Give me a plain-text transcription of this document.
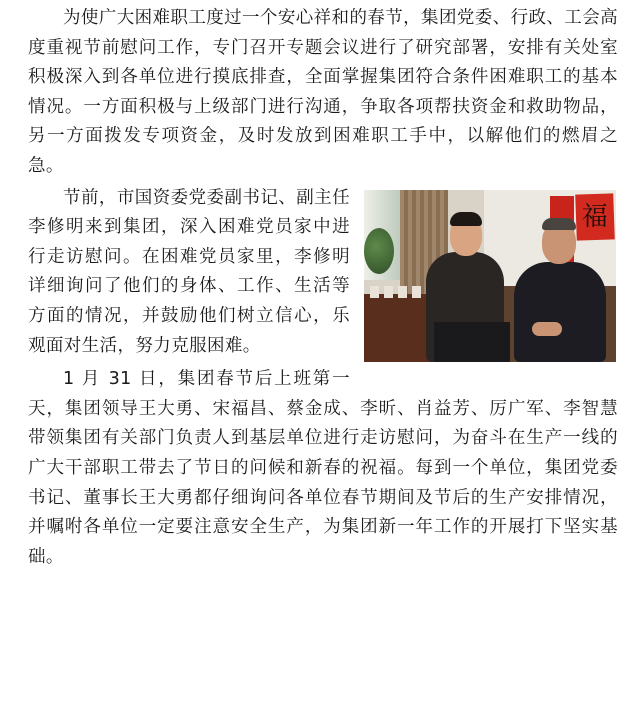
为使广大困难职工度过一个安心祥和的春节，集团党委、行政、工会高度重视节前慰问工作，专门召开专题会议进行了研究部署，安排有关处室积极深入到各单位进行摸底排查，全面掌握集团符合条件困难职工的基本情况。一方面积极与上级部门进行沟通，争取各项帮扶资金和救助物品，另一方面拨发专项资金，及时发放到困难职工手中，以解他们的燃眉之急。

福

节前，市国资委党委副书记、副主任李修明来到集团，深入困难党员家中进行走访慰问。在困难党员家里，李修明详细询问了他们的身体、工作、生活等方面的情况，并鼓励他们树立信心，乐观面对生活，努力克服困难。

1 月 31 日，集团春节后上班第一天，集团领导王大勇、宋福昌、蔡金成、李昕、肖益芳、厉广军、李智慧带领集团有关部门负责人到基层单位进行走访慰问，为奋斗在生产一线的广大干部职工带去了节日的问候和新春的祝福。每到一个单位，集团党委书记、董事长王大勇都仔细询问各单位春节期间及节后的生产安排情况，并嘱咐各单位一定要注意安全生产，为集团新一年工作的开展打下坚实基础。
